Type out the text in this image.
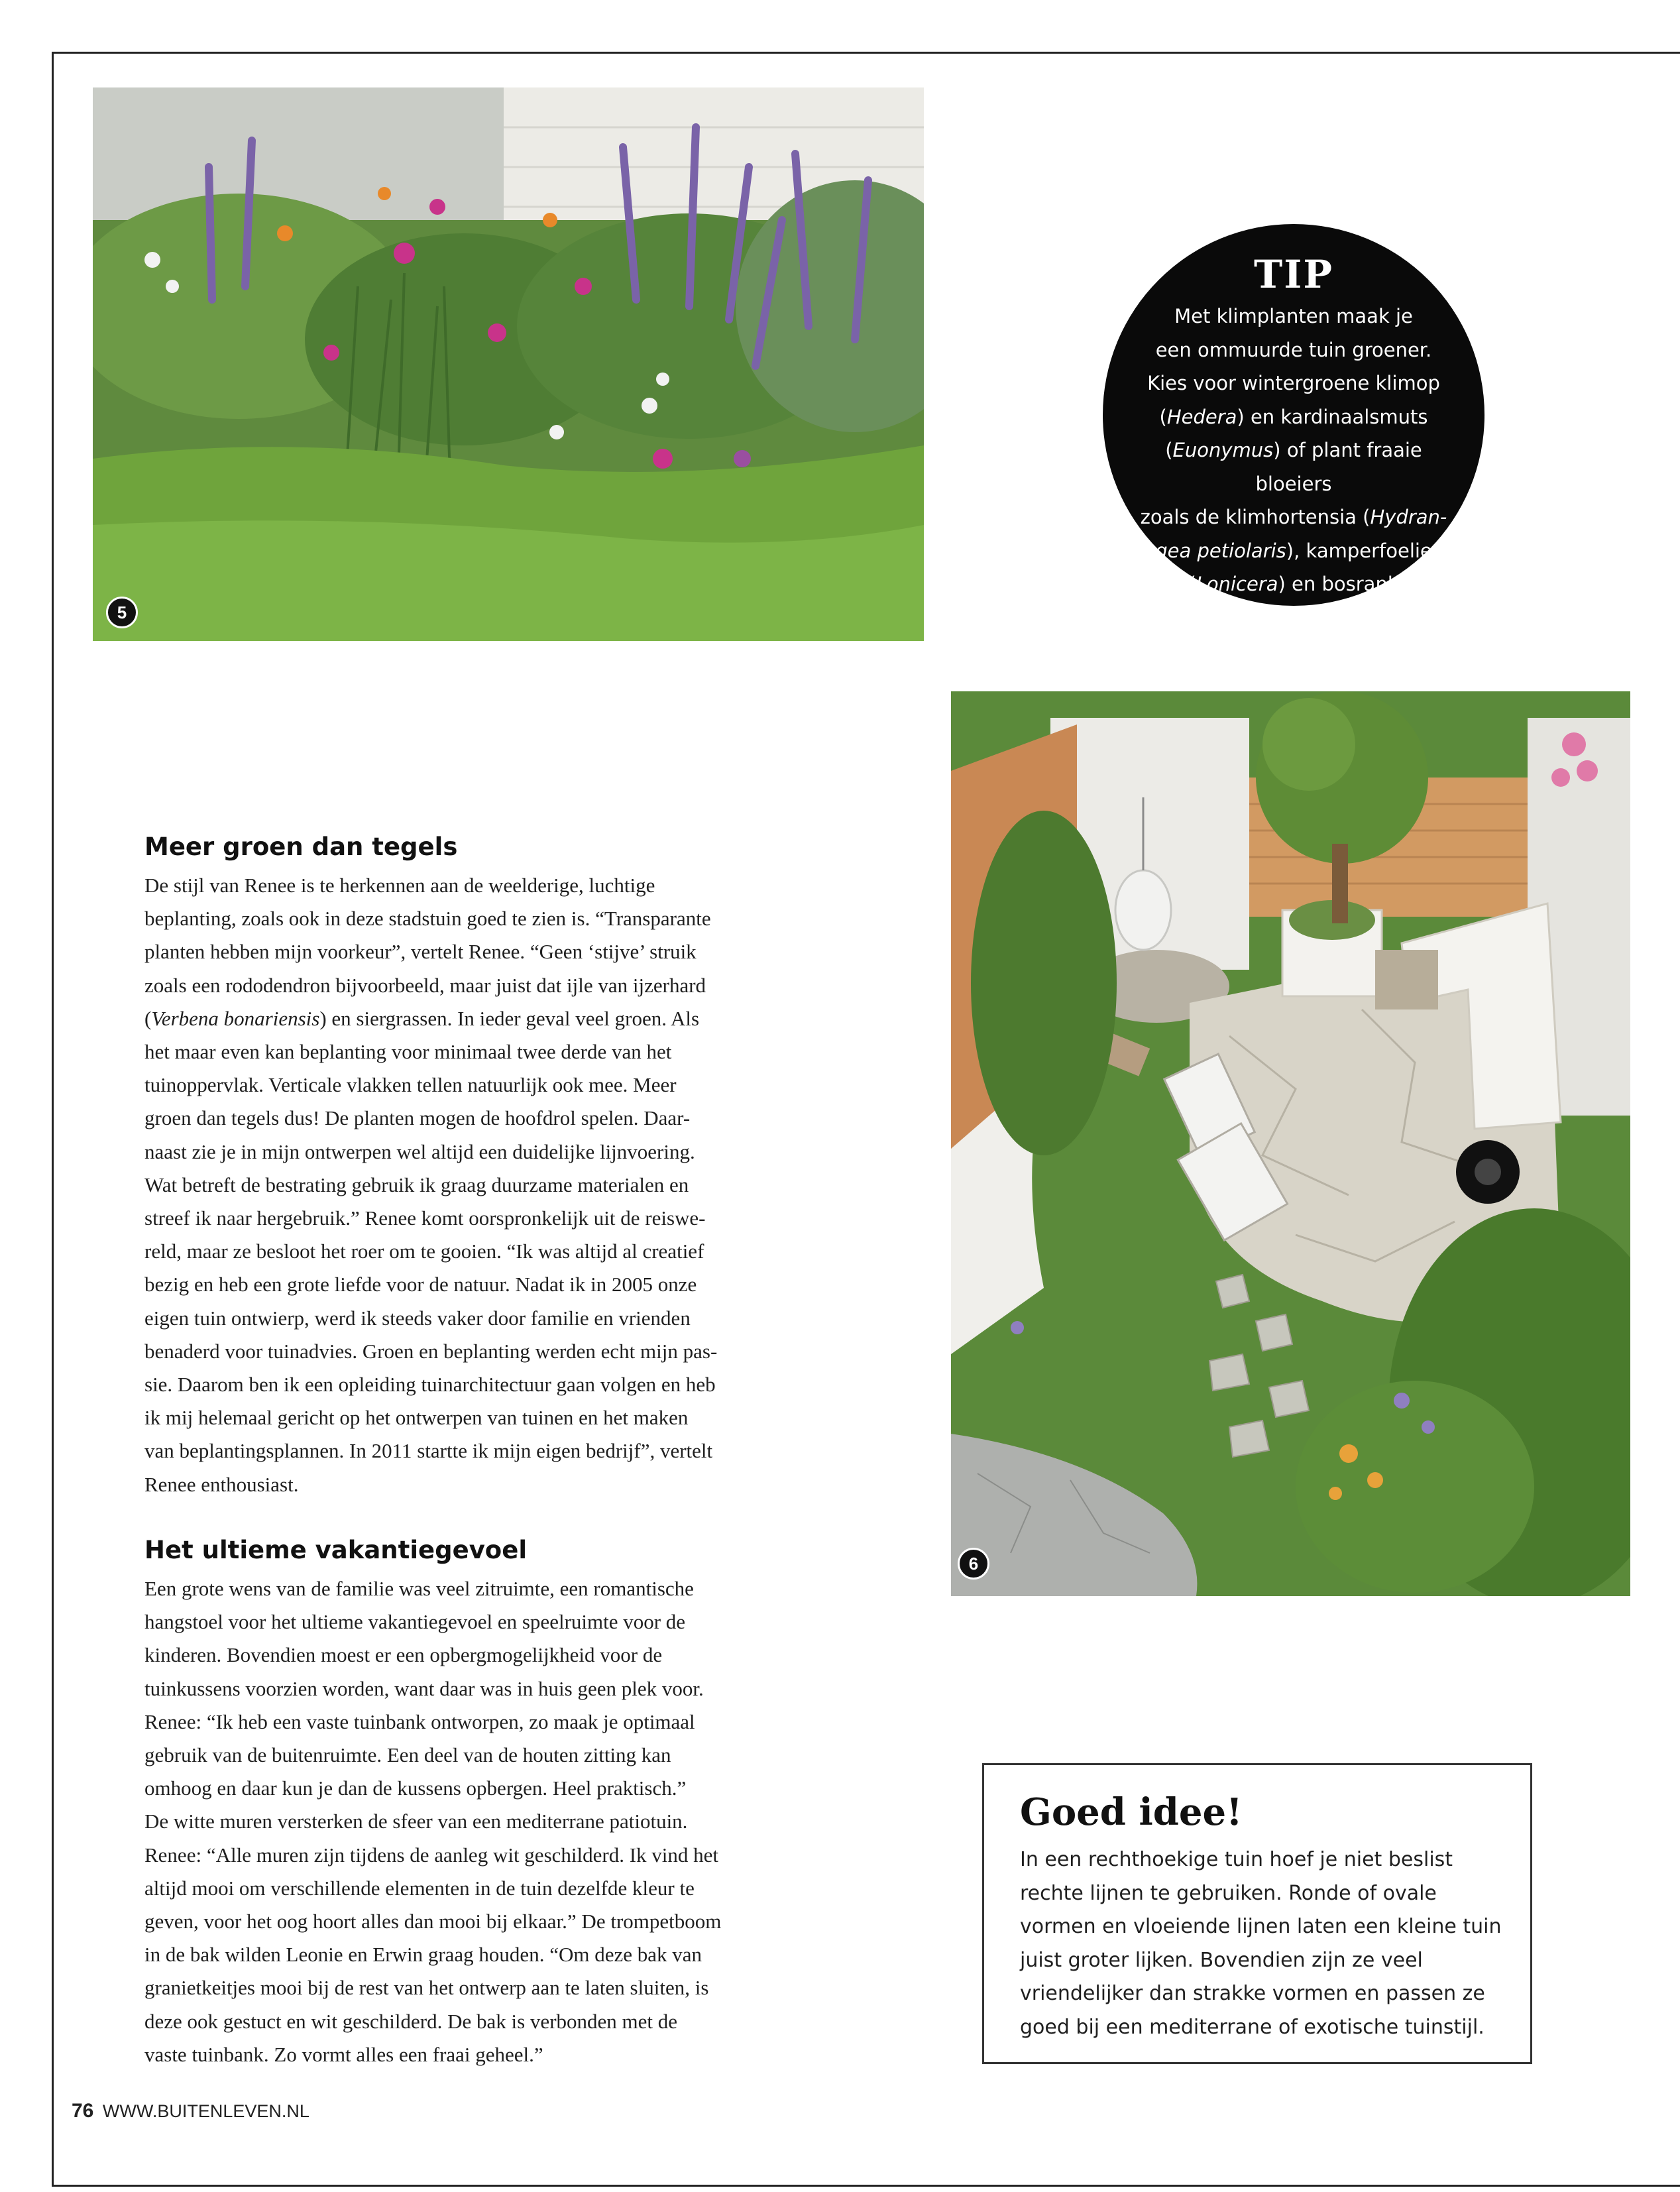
5
TIP
Met klimplanten maak je
een ommuurde tuin groener.
Kies voor wintergroene klimop
(Hedera) en kardinaalsmuts
(Euonymus) of plant fraaie bloeiers
zoals de klimhortensia (Hydran-
gea petiolaris), kamperfoelie
(Lonicera) en bosrank
(Clematis).
6
Meer groen dan tegels

De stijl van Renee is te herkennen aan de weelderige, luchtige
beplanting, zoals ook in deze stadstuin goed te zien is. “Transparante
planten hebben mijn voorkeur”, vertelt Renee. “Geen ‘stijve’ struik
zoals een rododendron bijvoorbeeld, maar juist dat ijle van ijzerhard
(Verbena bonariensis) en siergrassen. In ieder geval veel groen. Als
het maar even kan beplanting voor minimaal twee derde van het
tuinoppervlak. Verticale vlakken tellen natuurlijk ook mee. Meer
groen dan tegels dus! De planten mogen de hoofdrol spelen. Daar-
naast zie je in mijn ontwerpen wel altijd een duidelijke lijnvoering.
Wat betreft de bestrating gebruik ik graag duurzame materialen en
streef ik naar hergebruik.” Renee komt oorspronkelijk uit de reiswe-
reld, maar ze besloot het roer om te gooien. “Ik was altijd al creatief
bezig en heb een grote liefde voor de natuur. Nadat ik in 2005 onze
eigen tuin ontwierp, werd ik steeds vaker door familie en vrienden
benaderd voor tuinadvies. Groen en beplanting werden echt mijn pas-
sie. Daarom ben ik een opleiding tuinarchitectuur gaan volgen en heb
ik mij helemaal gericht op het ontwerpen van tuinen en het maken
van beplantingsplannen. In 2011 startte ik mijn eigen bedrijf”, vertelt
Renee enthousiast.

Het ultieme vakantiegevoel

Een grote wens van de familie was veel zitruimte, een romantische
hangstoel voor het ultieme vakantiegevoel en speelruimte voor de
kinderen. Bovendien moest er een opbergmogelijkheid voor de
tuinkussens voorzien worden, want daar was in huis geen plek voor.
Renee: “Ik heb een vaste tuinbank ontworpen, zo maak je optimaal
gebruik van de buitenruimte. Een deel van de houten zitting kan
omhoog en daar kun je dan de kussens opbergen. Heel praktisch.”
De witte muren versterken de sfeer van een mediterrane patiotuin.
Renee: “Alle muren zijn tijdens de aanleg wit geschilderd. Ik vind het
altijd mooi om verschillende elementen in de tuin dezelfde kleur te
geven, voor het oog hoort alles dan mooi bij elkaar.” De trompetboom
in de bak wilden Leonie en Erwin graag houden. “Om deze bak van
granietkeitjes mooi bij de rest van het ontwerp aan te laten sluiten, is
deze ook gestuct en wit geschilderd. De bak is verbonden met de
vaste tuinbank. Zo vormt alles een fraai geheel.”

Goed idee!
In een rechthoekige tuin hoef je niet beslist
rechte lijnen te gebruiken. Ronde of ovale
vormen en vloeiende lijnen laten een kleine tuin
juist groter lijken. Bovendien zijn ze veel
vriendelijker dan strakke vormen en passen ze
goed bij een mediterrane of exotische tuinstijl.
76 WWW.BUITENLEVEN.NL
